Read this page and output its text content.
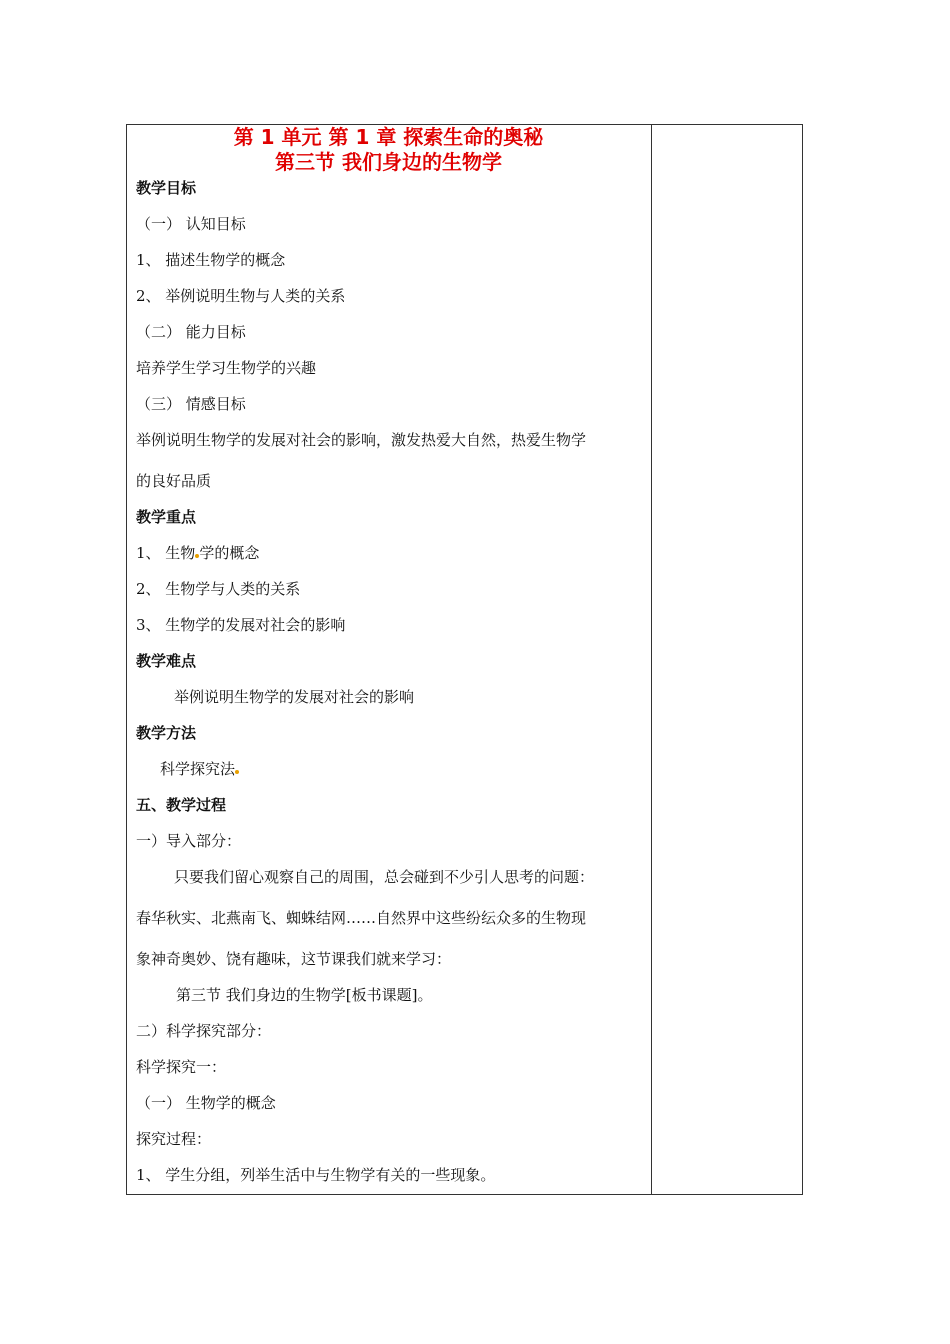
第 1 单元 第 1 章 探索生命的奥秘
第三节 我们身边的生物学
教学目标
（一） 认知目标
1、 描述生物学的概念
2、 举例说明生物与人类的关系
（二） 能力目标
培养学生学习生物学的兴趣
（三） 情感目标
举例说明生物学的发展对社会的影响，激发热爱大自然，热爱生物学
的良好品质
教学重点
1、 生物 学的概念
2、 生物学与人类的关系
3、 生物学的发展对社会的影响
教学难点
举例说明生物学的发展对社会的影响
教学方法
科学探究法
五、教学过程
一）导入部分：
只要我们留心观察自己的周围，总会碰到不少引人思考的问题：
春华秋实、北燕南飞、蜘蛛结网……自然界中这些纷纭众多的生物现
象神奇奥妙、饶有趣味，这节课我们就来学习：
第三节 我们身边的生物学[板书课题]。
二）科学探究部分：
科学探究一：
（一） 生物学的概念
探究过程：
1、 学生分组，列举生活中与生物学有关的一些现象。
